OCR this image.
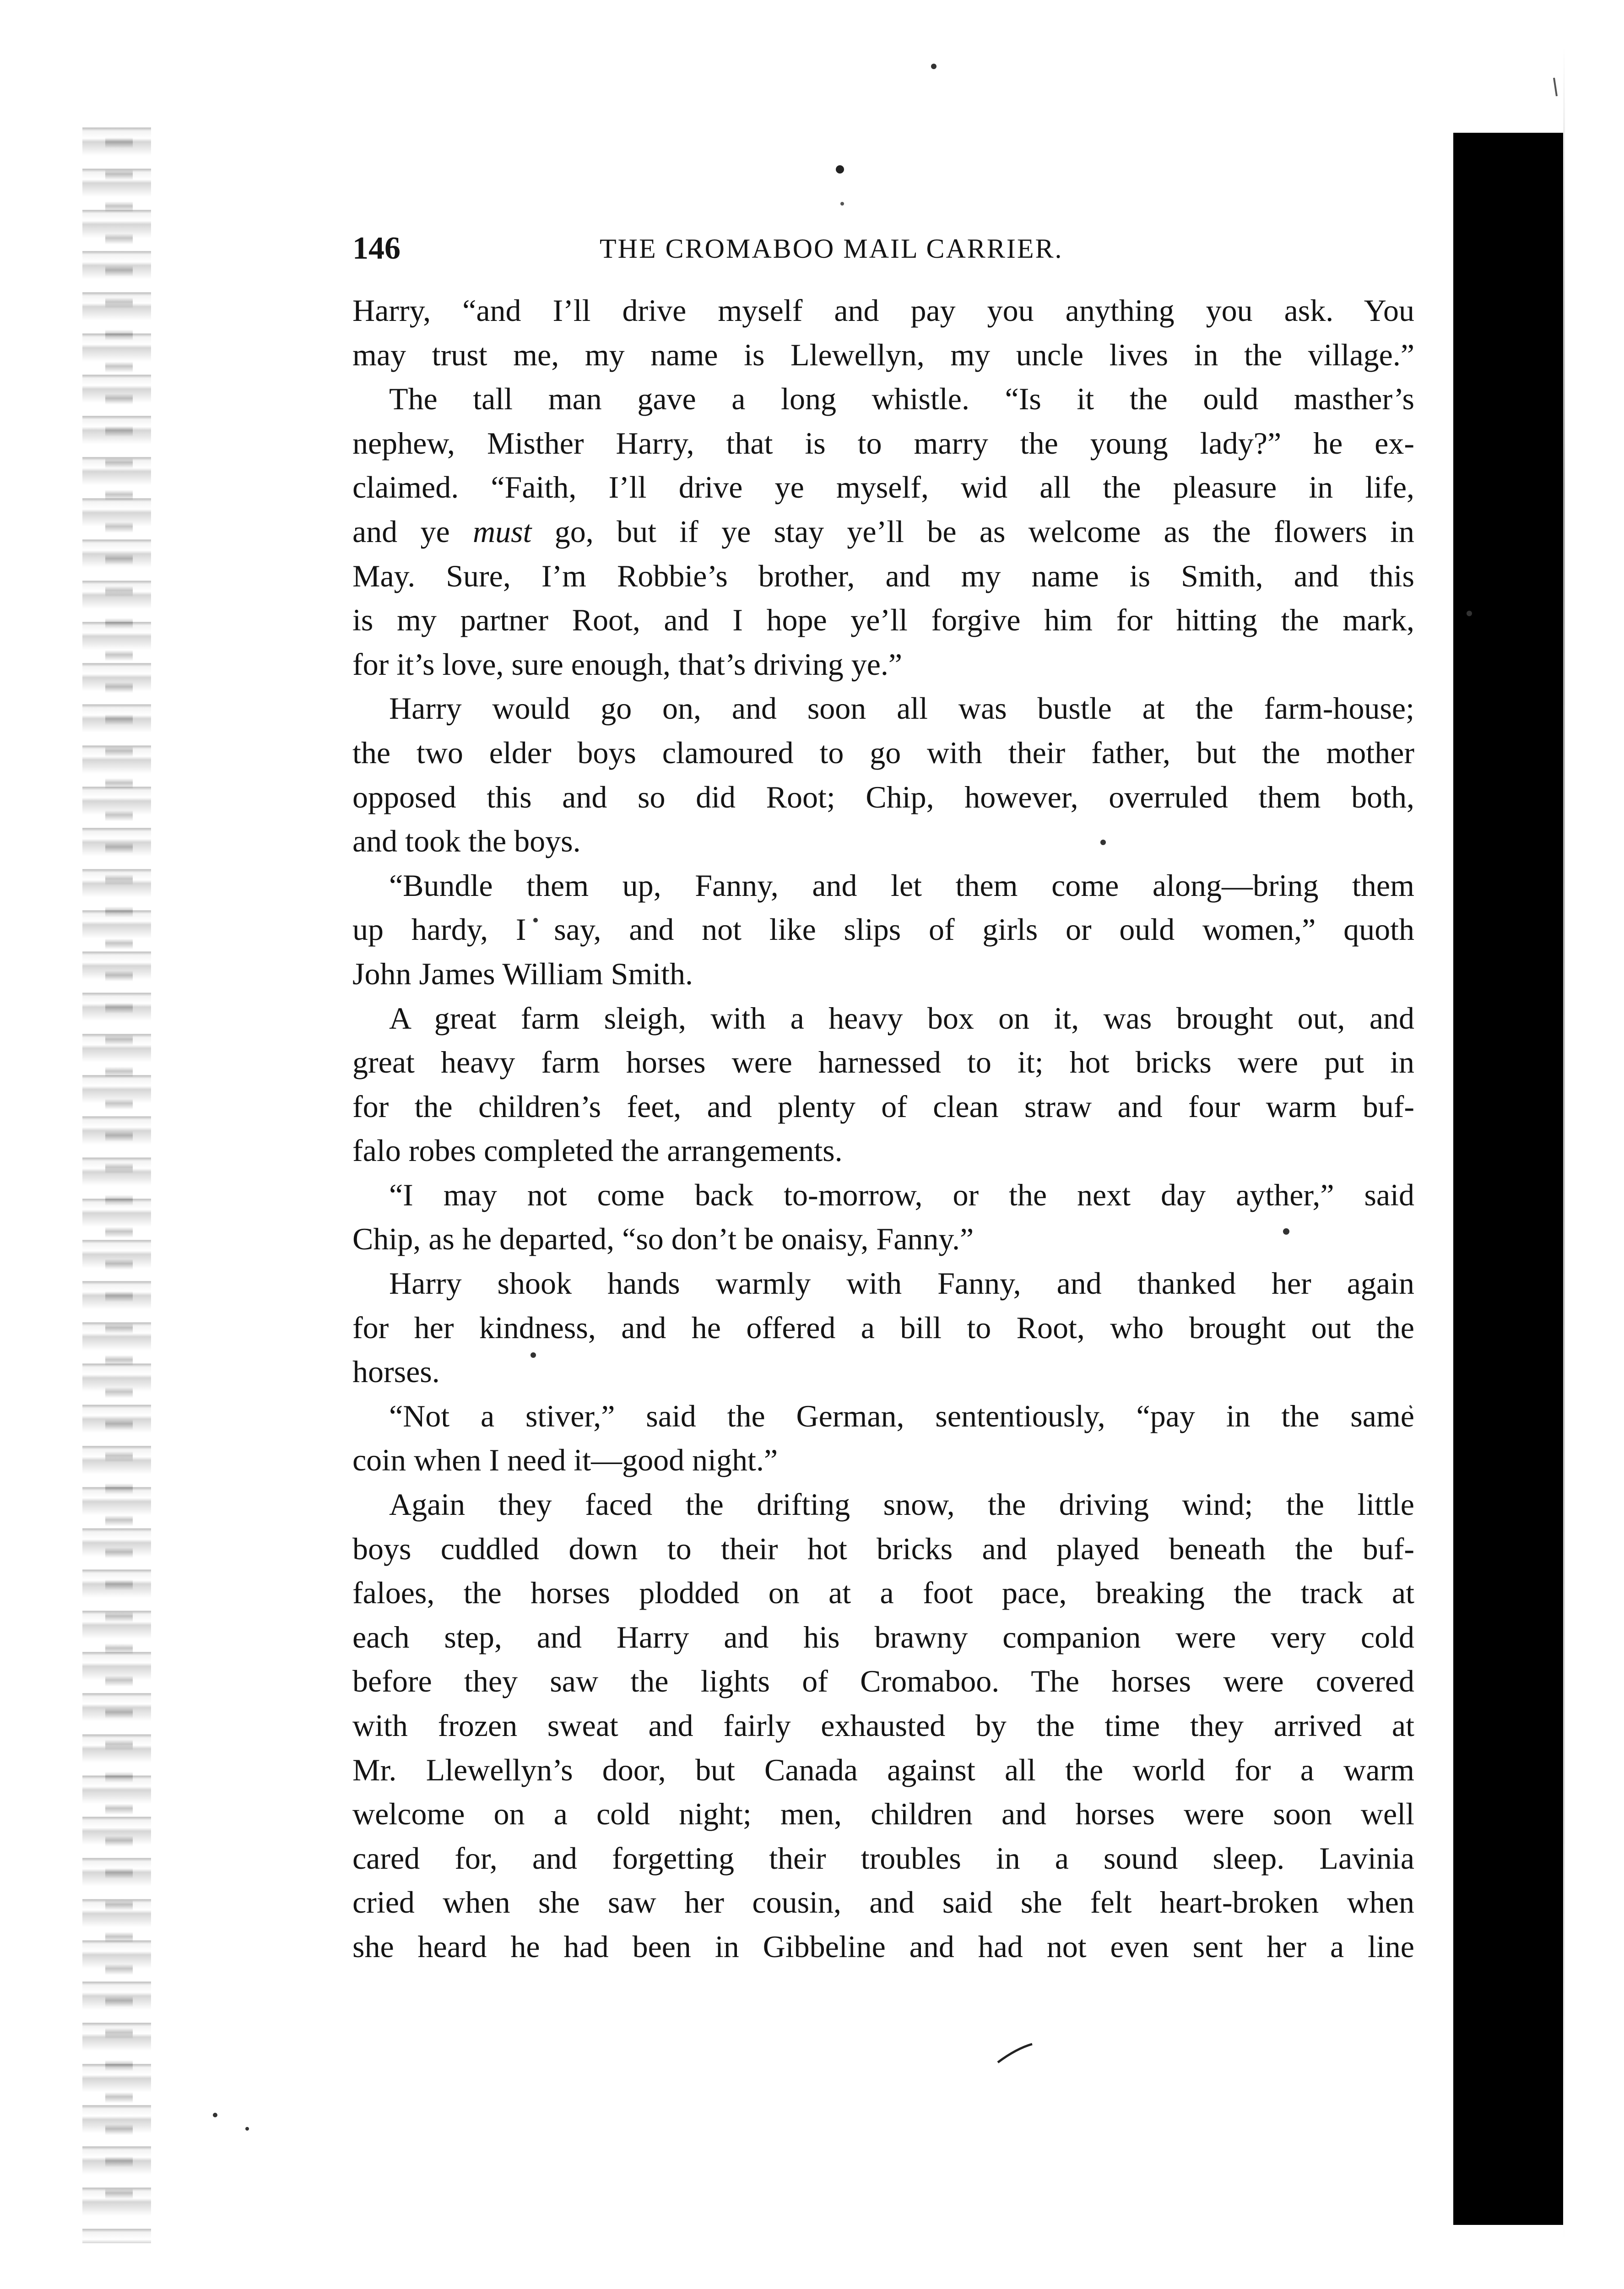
146	THE CROMABOO MAIL CARRIER.
Harry, “and I’ll drive myself and pay you anything you ask. You
may trust me, my name is Llewellyn, my uncle lives in the village.”
The tall man gave a long whistle. “Is it the ould masther’s
nephew, Misther Harry, that is to marry the young lady?” he ex-
claimed. “Faith, I’ll drive ye myself, wid all the pleasure in life,
and ye must go, but if ye stay ye’ll be as welcome as the flowers in
May. Sure, I’m Robbie’s brother, and my name is Smith, and this
is my partner Root, and I hope ye’ll forgive him for hitting the mark,
for it’s love, sure enough, that’s driving ye.”
Harry would go on, and soon all was bustle at the farm-house;
the two elder boys clamoured to go with their father, but the mother
opposed this and so did Root; Chip, however, overruled them both,
and took the boys.
“Bundle them up, Fanny, and let them come along—bring them
up hardy, I say, and not like slips of girls or ould women,” quoth
John James William Smith.
A great farm sleigh, with a heavy box on it, was brought out, and
great heavy farm horses were harnessed to it; hot bricks were put in
for the children’s feet, and plenty of clean straw and four warm buf-
falo robes completed the arrangements.
“I may not come back to-morrow, or the next day ayther,” said
Chip, as he departed, “so don’t be onaisy, Fanny.”
Harry shook hands warmly with Fanny, and thanked her again
for her kindness, and he offered a bill to Root, who brought out the
horses.
“Not a stiver,” said the German, sententiously, “pay in the same
coin when I need it—good night.”
Again they faced the drifting snow, the driving wind; the little
boys cuddled down to their hot bricks and played beneath the buf-
faloes, the horses plodded on at a foot pace, breaking the track at
each step, and Harry and his brawny companion were very cold
before they saw the lights of Cromaboo. The horses were covered
with frozen sweat and fairly exhausted by the time they arrived at
Mr. Llewellyn’s door, but Canada against all the world for a warm
welcome on a cold night; men, children and horses were soon well
cared for, and forgetting their troubles in a sound sleep. Lavinia
cried when she saw her cousin, and said she felt heart-broken when
she heard he had been in Gibbeline and had not even sent her a line
